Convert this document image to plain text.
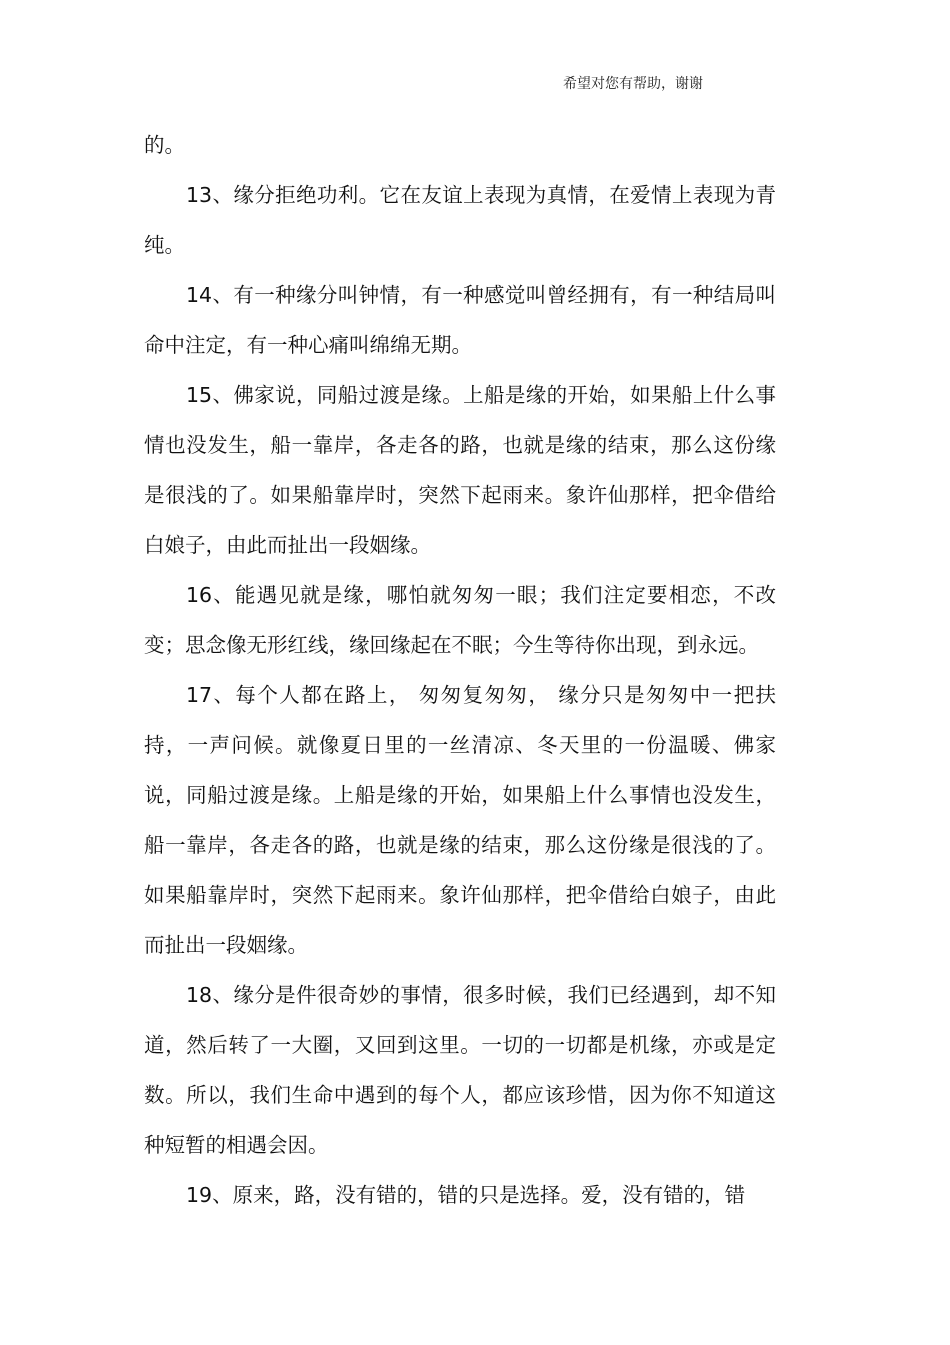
希望对您有帮助，谢谢

的。

13、缘分拒绝功利。它在友谊上表现为真情，在爱情上表现为青纯。

14、有一种缘分叫钟情，有一种感觉叫曾经拥有，有一种结局叫命中注定，有一种心痛叫绵绵无期。

15、佛家说，同船过渡是缘。上船是缘的开始，如果船上什么事情也没发生，船一靠岸，各走各的路，也就是缘的结束，那么这份缘是很浅的了。如果船靠岸时，突然下起雨来。象许仙那样，把伞借给白娘子，由此而扯出一段姻缘。

16、能遇见就是缘，哪怕就匆匆一眼；我们注定要相恋，不改变；思念像无形红线，缘回缘起在不眠；今生等待你出现，到永远。

17、每个人都在路上， 匆匆复匆匆， 缘分只是匆匆中一把扶持，一声问候。就像夏日里的一丝清凉、冬天里的一份温暖、佛家说，同船过渡是缘。上船是缘的开始，如果船上什么事情也没发生，船一靠岸，各走各的路，也就是缘的结束，那么这份缘是很浅的了。如果船靠岸时，突然下起雨来。象许仙那样，把伞借给白娘子，由此而扯出一段姻缘。

18、缘分是件很奇妙的事情，很多时候，我们已经遇到，却不知道，然后转了一大圈，又回到这里。一切的一切都是机缘，亦或是定数。所以，我们生命中遇到的每个人，都应该珍惜，因为你不知道这种短暂的相遇会因。

19、原来，路，没有错的，错的只是选择。爱，没有错的，错
